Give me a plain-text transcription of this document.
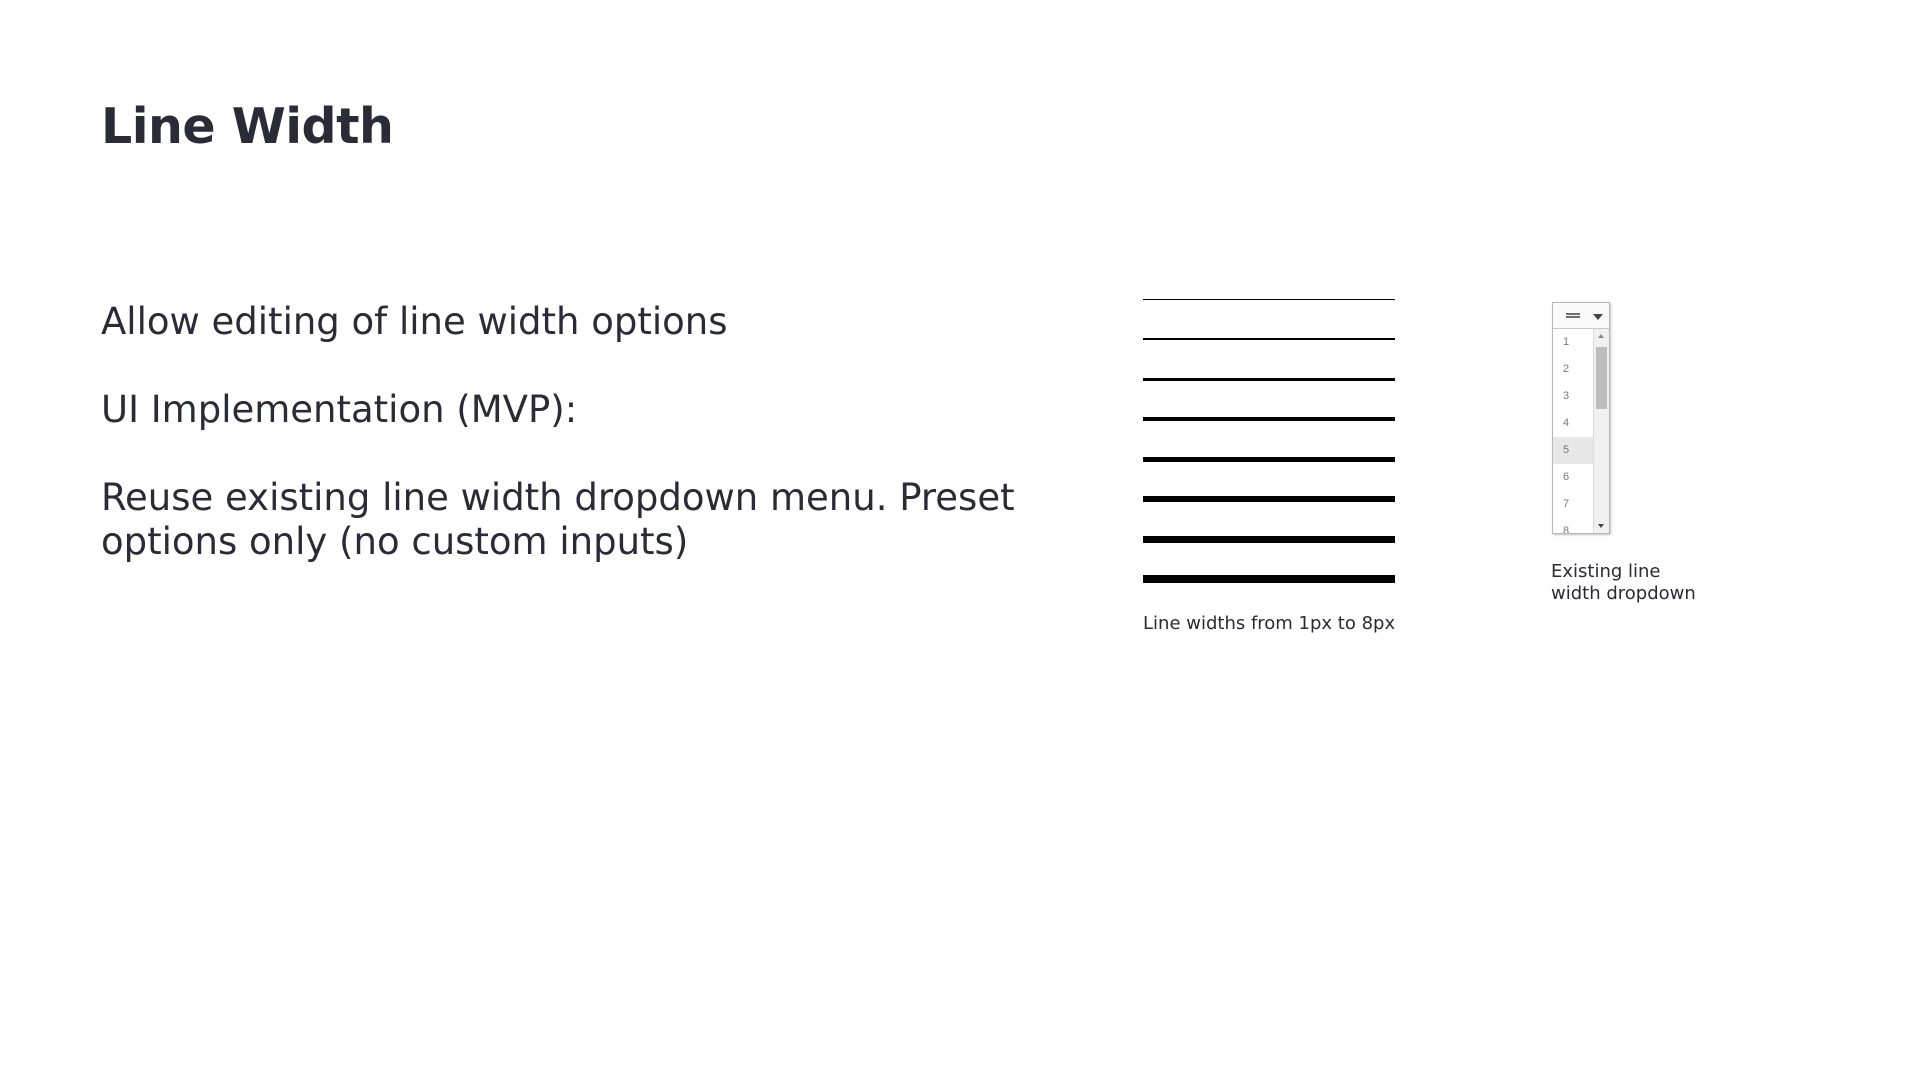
Line Width

Allow editing of line width options

UI Implementation (MVP):

Reuse existing line width dropdown menu. Preset options only (no custom inputs)

Line widths from 1px to 8px
1
2
3
4
5
6
7
8
Existing line width dropdown
